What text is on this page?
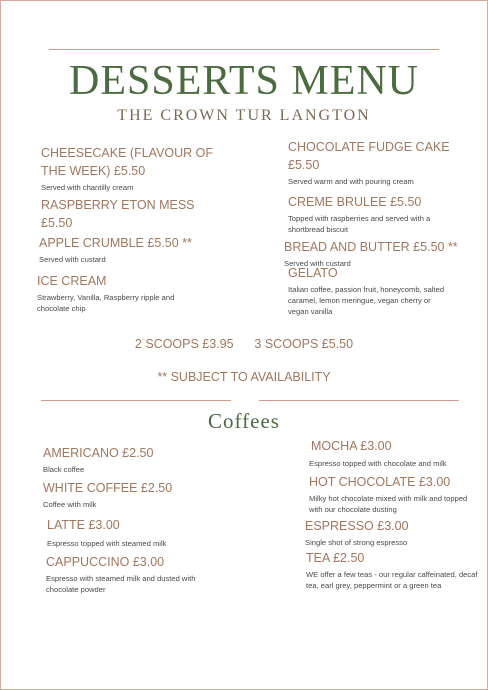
DESSERTS MENU
THE CROWN TUR LANGTON
CHEESECAKE (FLAVOUR OF THE WEEK) £5.50
Served with chantilly cream
RASPBERRY ETON MESS £5.50
APPLE CRUMBLE £5.50 **
Served with custard
ICE CREAM
Strawberry, Vanilla, Raspberry ripple and chocolate chip
CHOCOLATE FUDGE CAKE £5.50
Served warm and with pouring cream
CREME BRULEE £5.50
Topped with raspberries and served with a shortbread biscuit
BREAD AND BUTTER £5.50 **
Served with custard
GELATO
Italian coffee, passion fruit, honeycomb, salted caramel, lemon meringue, vegan cherry or vegan vanilla
2 SCOOPS £3.95      3 SCOOPS £5.50
** SUBJECT TO AVAILABILITY
Coffees
AMERICANO £2.50
Black coffee
WHITE COFFEE £2.50
Coffee with milk
LATTE £3.00
Espresso topped with steamed milk
CAPPUCCINO £3.00
Espresso with steamed milk and dusted with chocolate powder
MOCHA £3.00
Espresso topped with chocolate and milk
HOT CHOCOLATE £3.00
Milky hot chocolate mixed with milk and topped with our chocolate dusting
ESPRESSO £3.00
Single shot of strong espresso
TEA £2.50
WE offer a few teas - our regular caffeinated, decaf tea, earl grey, peppermint or a green tea
